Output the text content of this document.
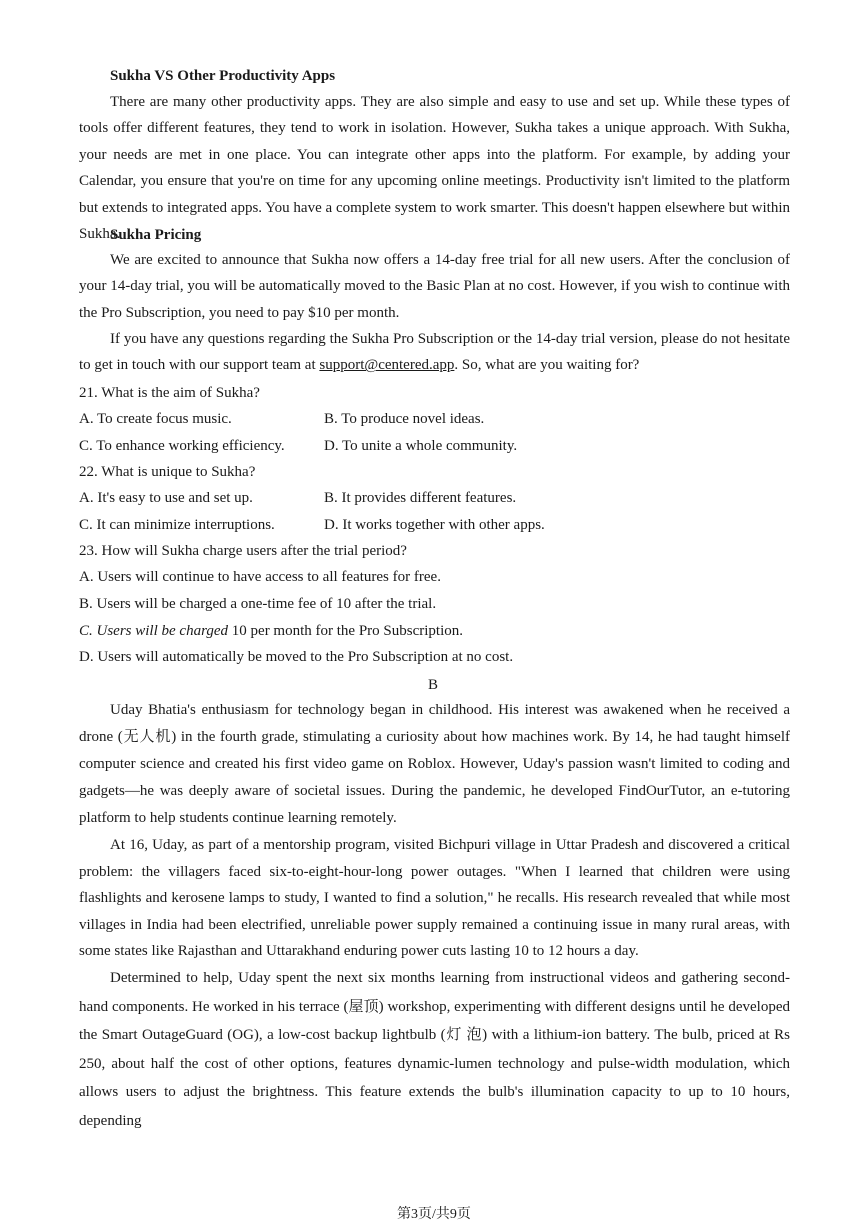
Sukha VS Other Productivity Apps
There are many other productivity apps. They are also simple and easy to use and set up. While these types of tools offer different features, they tend to work in isolation. However, Sukha takes a unique approach. With Sukha, your needs are met in one place. You can integrate other apps into the platform. For example, by adding your Calendar, you ensure that you're on time for any upcoming online meetings. Productivity isn't limited to the platform but extends to integrated apps. You have a complete system to work smarter. This doesn't happen elsewhere but within Sukha.
Sukha Pricing
We are excited to announce that Sukha now offers a 14-day free trial for all new users. After the conclusion of your 14-day trial, you will be automatically moved to the Basic Plan at no cost. However, if you wish to continue with the Pro Subscription, you need to pay $10 per month.
If you have any questions regarding the Sukha Pro Subscription or the 14-day trial version, please do not hesitate to get in touch with our support team at support@centered.app. So, what are you waiting for?
21. What is the aim of Sukha?
A. To create focus music.	B. To produce novel ideas.
C. To enhance working efficiency.	D. To unite a whole community.
22. What is unique to Sukha?
A. It's easy to use and set up.	B. It provides different features.
C. It can minimize interruptions.	D. It works together with other apps.
23. How will Sukha charge users after the trial period?
A. Users will continue to have access to all features for free.
B. Users will be charged a one-time fee of 10 after the trial.
C. Users will be charged 10 per month for the Pro Subscription.
D. Users will automatically be moved to the Pro Subscription at no cost.
B
Uday Bhatia's enthusiasm for technology began in childhood. His interest was awakened when he received a drone (无人机) in the fourth grade, stimulating a curiosity about how machines work. By 14, he had taught himself computer science and created his first video game on Roblox. However, Uday's passion wasn't limited to coding and gadgets—he was deeply aware of societal issues. During the pandemic, he developed FindOurTutor, an e-tutoring platform to help students continue learning remotely.
At 16, Uday, as part of a mentorship program, visited Bichpuri village in Uttar Pradesh and discovered a critical problem: the villagers faced six-to-eight-hour-long power outages. "When I learned that children were using flashlights and kerosene lamps to study, I wanted to find a solution," he recalls. His research revealed that while most villages in India had been electrified, unreliable power supply remained a continuing issue in many rural areas, with some states like Rajasthan and Uttarakhand enduring power cuts lasting 10 to 12 hours a day.
Determined to help, Uday spent the next six months learning from instructional videos and gathering second-hand components. He worked in his terrace (屋顶) workshop, experimenting with different designs until he developed the Smart OutageGuard (OG), a low-cost backup lightbulb (灯 泡) with a lithium-ion battery. The bulb, priced at Rs 250, about half the cost of other options, features dynamic-lumen technology and pulse-width modulation, which allows users to adjust the brightness. This feature extends the bulb's illumination capacity to up to 10 hours, depending
第3页/共9页
